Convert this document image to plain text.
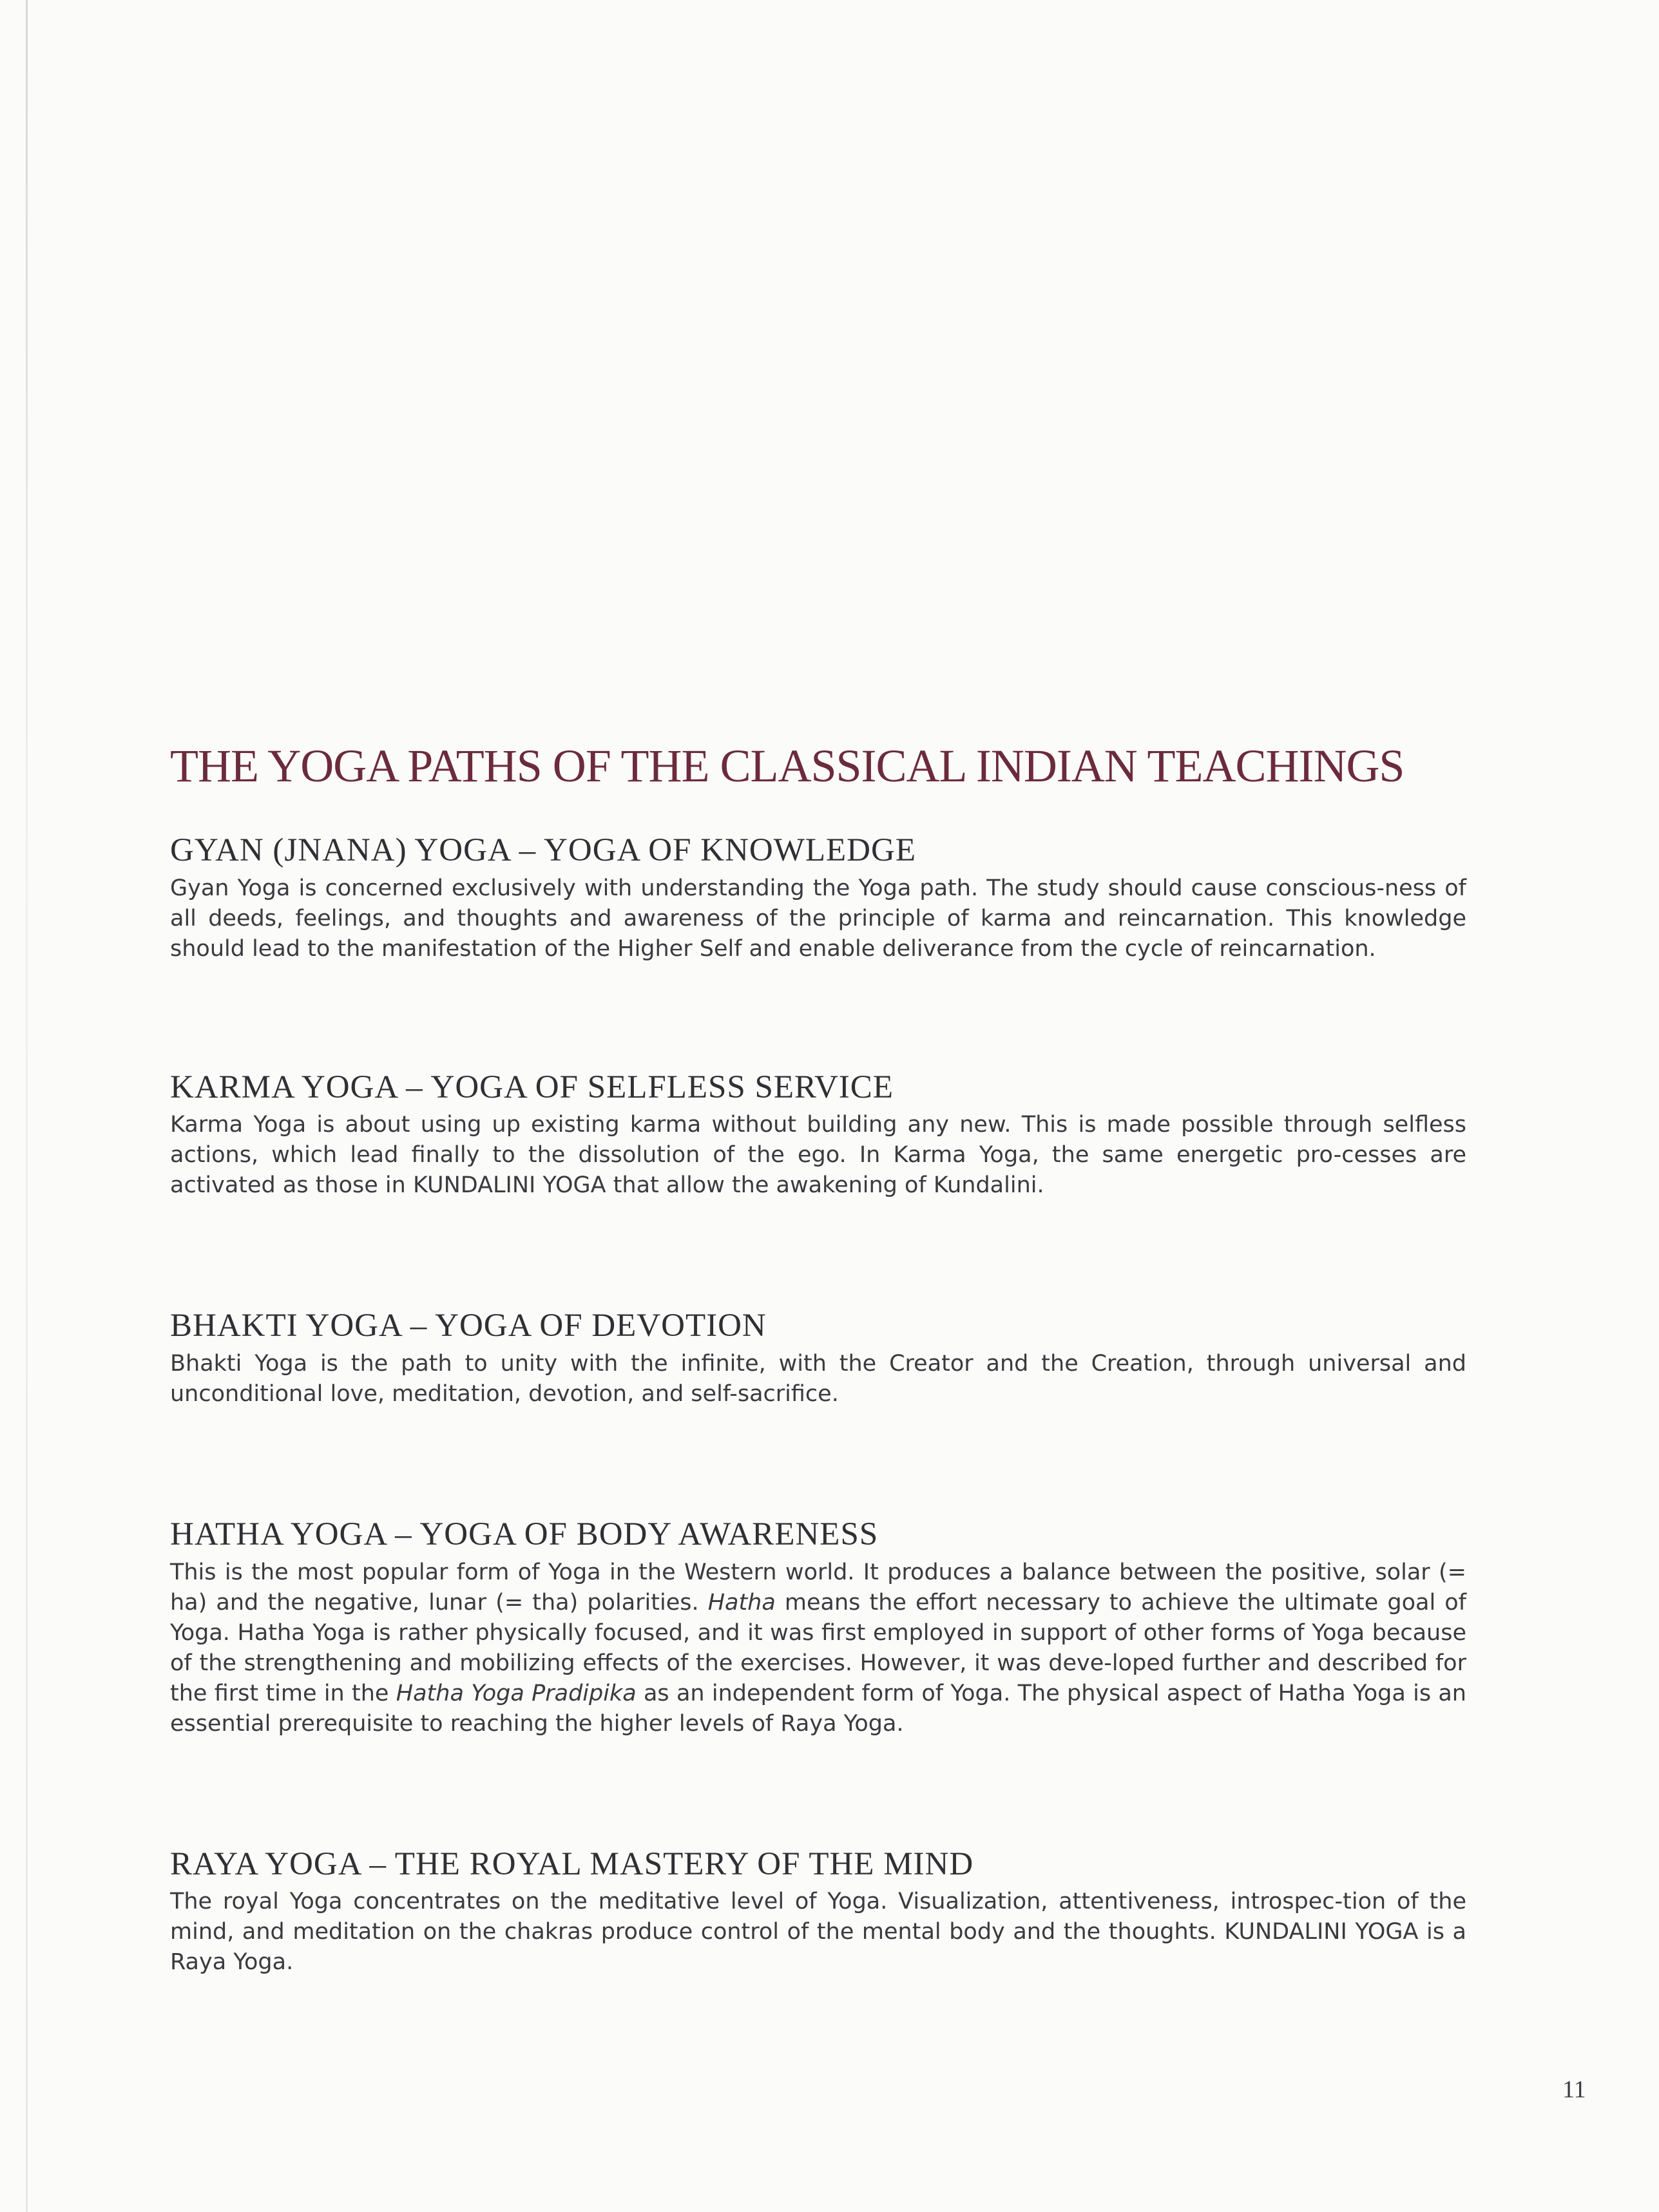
THE YOGA PATHS OF THE CLASSICAL INDIAN TEACHINGS
GYAN (JNANA) YOGA – YOGA OF KNOWLEDGE

Gyan Yoga is concerned exclusively with understanding the Yoga path. The study should cause conscious-ness of all deeds, feelings, and thoughts and awareness of the principle of karma and reincarnation. This knowledge should lead to the manifestation of the Higher Self and enable deliverance from the cycle of reincarnation.

KARMA YOGA – YOGA OF SELFLESS SERVICE

Karma Yoga is about using up existing karma without building any new. This is made possible through selfless actions, which lead finally to the dissolution of the ego. In Karma Yoga, the same energetic pro-cesses are activated as those in KUNDALINI YOGA that allow the awakening of Kundalini.

BHAKTI YOGA – YOGA OF DEVOTION

Bhakti Yoga is the path to unity with the infinite, with the Creator and the Creation, through universal and unconditional love, meditation, devotion, and self-sacrifice.

HATHA YOGA – YOGA OF BODY AWARENESS

This is the most popular form of Yoga in the Western world. It produces a balance between the positive, solar (= ha) and the negative, lunar (= tha) polarities. Hatha means the effort necessary to achieve the ultimate goal of Yoga. Hatha Yoga is rather physically focused, and it was first employed in support of other forms of Yoga because of the strengthening and mobilizing effects of the exercises. However, it was deve-loped further and described for the first time in the Hatha Yoga Pradipika as an independent form of Yoga. The physical aspect of Hatha Yoga is an essential prerequisite to reaching the higher levels of Raya Yoga.

RAYA YOGA – THE ROYAL MASTERY OF THE MIND

The royal Yoga concentrates on the meditative level of Yoga. Visualization, attentiveness, introspec-tion of the mind, and meditation on the chakras produce control of the mental body and the thoughts. KUNDALINI YOGA is a Raya Yoga.

11
